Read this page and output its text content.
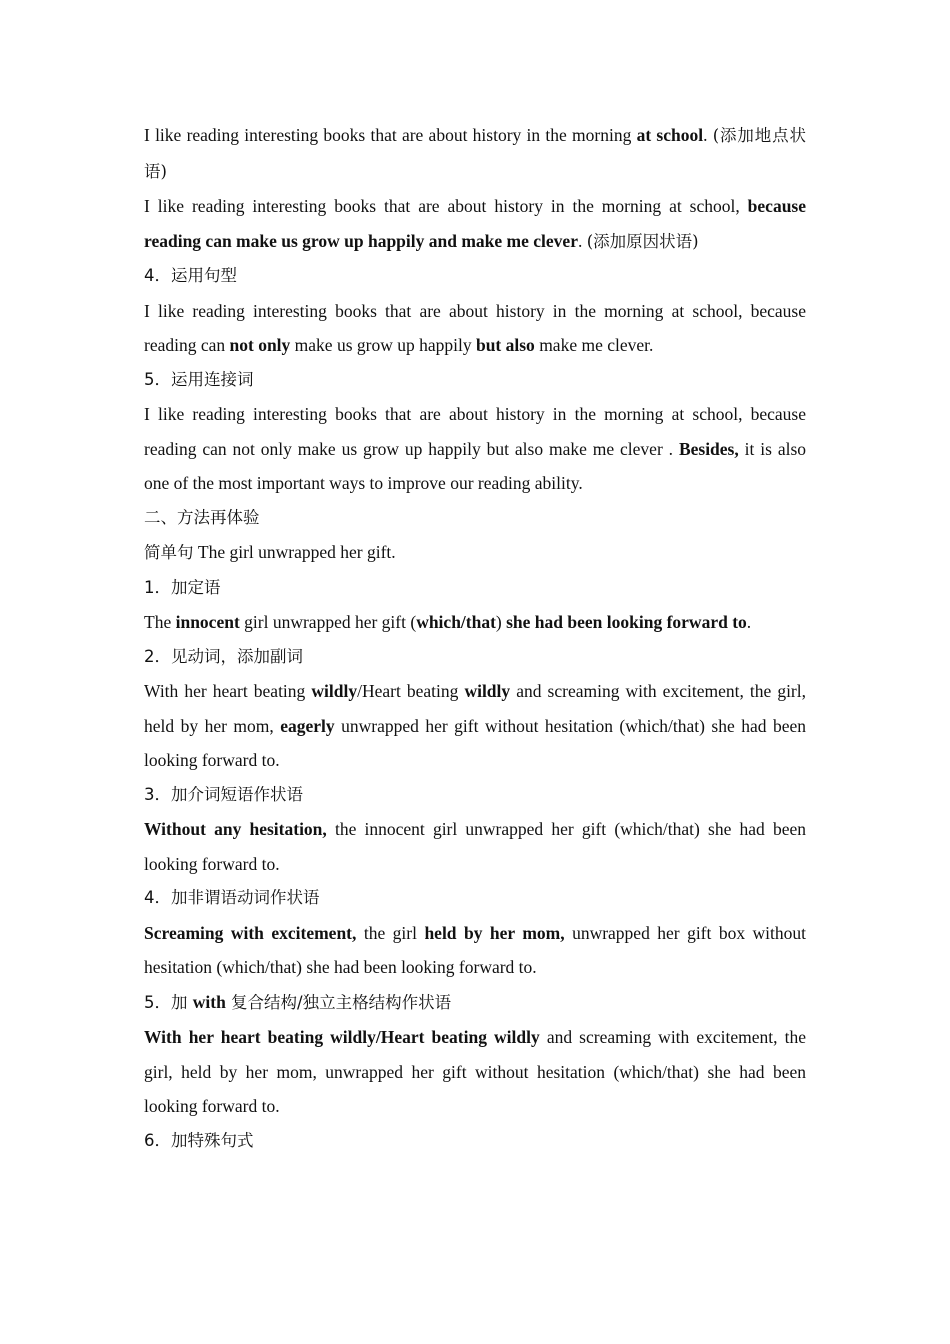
I like reading interesting books that are about history in the morning at school. (添加地点状语)

I like reading interesting books that are about history in the morning at school, because reading can make us grow up happily and make me clever. (添加原因状语)

4．运用句型

I like reading interesting books that are about history in the morning at school, because reading can not only make us grow up happily but also make me clever.

5．运用连接词

I like reading interesting books that are about history in the morning at school, because reading can not only make us grow up happily but also make me clever . Besides, it is also one of the most important ways to improve our reading ability.

二、方法再体验

简单句 The girl unwrapped her gift.

1．加定语

The innocent girl unwrapped her gift (which/that) she had been looking forward to.

2．见动词，添加副词

With her heart beating wildly/Heart beating wildly and screaming with excitement, the girl, held by her mom, eagerly unwrapped her gift without hesitation (which/that) she had been looking forward to.

3．加介词短语作状语

Without any hesitation, the innocent girl unwrapped her gift (which/that) she had been looking forward to.

4．加非谓语动词作状语

Screaming with excitement, the girl held by her mom, unwrapped her gift box without hesitation (which/that) she had been looking forward to.

5．加 with 复合结构/独立主格结构作状语

With her heart beating wildly/Heart beating wildly and screaming with excitement, the girl, held by her mom, unwrapped her gift without hesitation (which/that) she had been looking forward to.

6．加特殊句式
